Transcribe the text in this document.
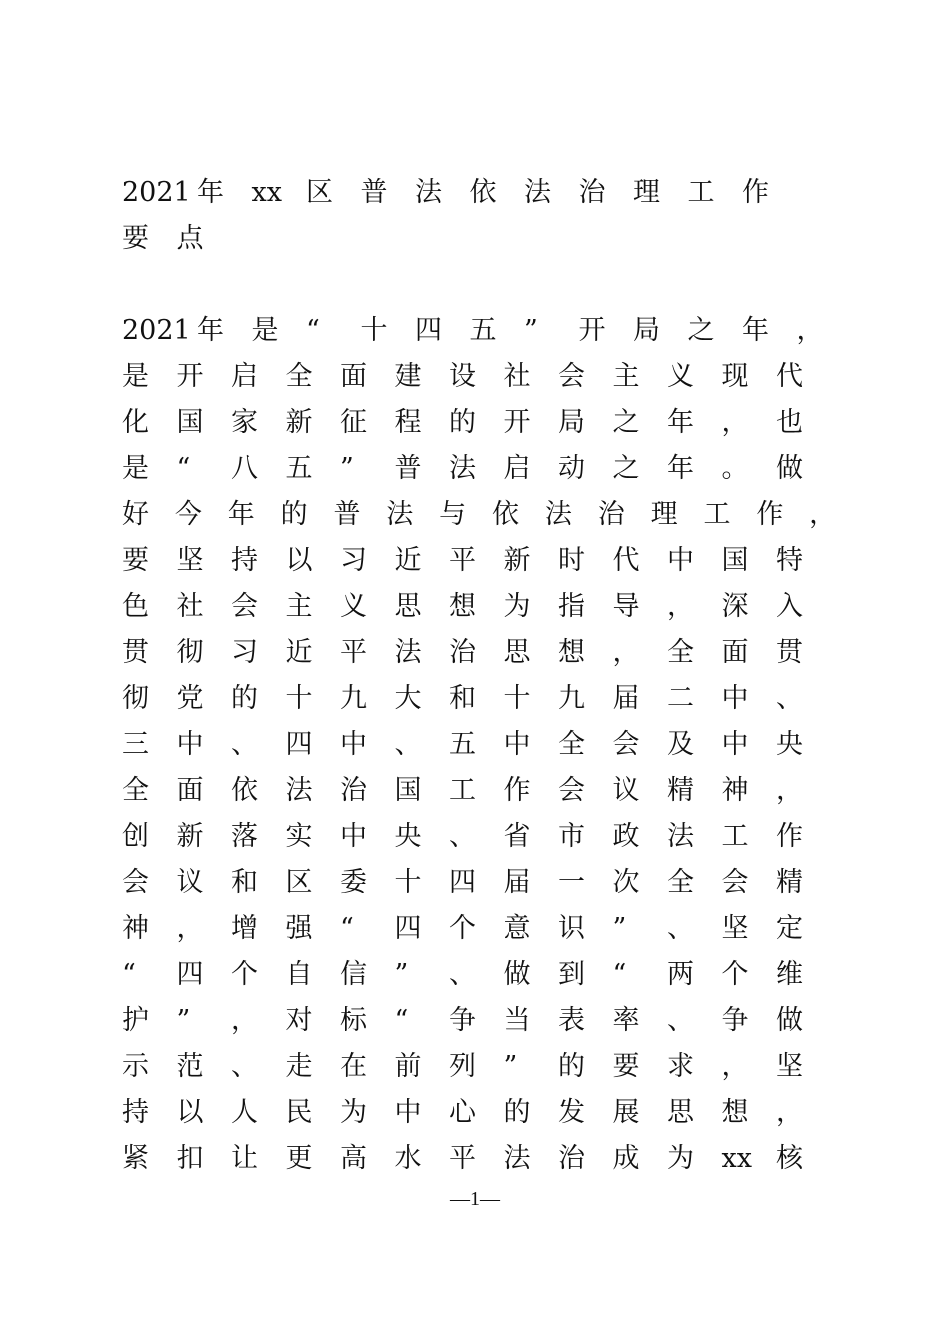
2021 年	xx 区	普	法	依	法	治	理	工	作
要	点
2021 年	是	“	十	四	五	”	开	局	之	年	，
是	开	启	全	面	建	设	社	会	主	义	现	代
化	国	家	新	征	程	的	开	局	之	年	，	也
是	“	八	五	”	普	法	启	动	之	年	。	做
好 今 年 的 普 法 与 依 法 治 理 工 作 ，
要	坚	持	以	习	近	平	新	时	代	中	国	特
色	社	会	主	义	思	想	为	指	导	，	深	入
贯	彻	习	近	平	法	治	思	想	，	全	面	贯
彻	党	的	十	九	大	和	十	九	届	二	中	、
三	中	、	四	中	、	五	中	全	会	及	中	央
全	面	依	法	治	国	工	作	会	议	精	神	，
创	新	落	实	中	央	、	省	市	政	法	工	作
会	议	和	区	委	十	四	届	一	次	全	会	精
神	，	增	强	“	四	个	意	识	”	、	坚	定
“	四	个	自	信	”	、	做	到	“	两	个	维
护	”	，	对	标	“	争	当	表	率	、	争	做
示	范	、	走	在	前	列	”	的	要	求	，	坚
持	以	人	民	为	中	心	的	发	展	思	想	，
紧	扣	让	更	高	水	平	法	治	成	为	xx 核
—1—
